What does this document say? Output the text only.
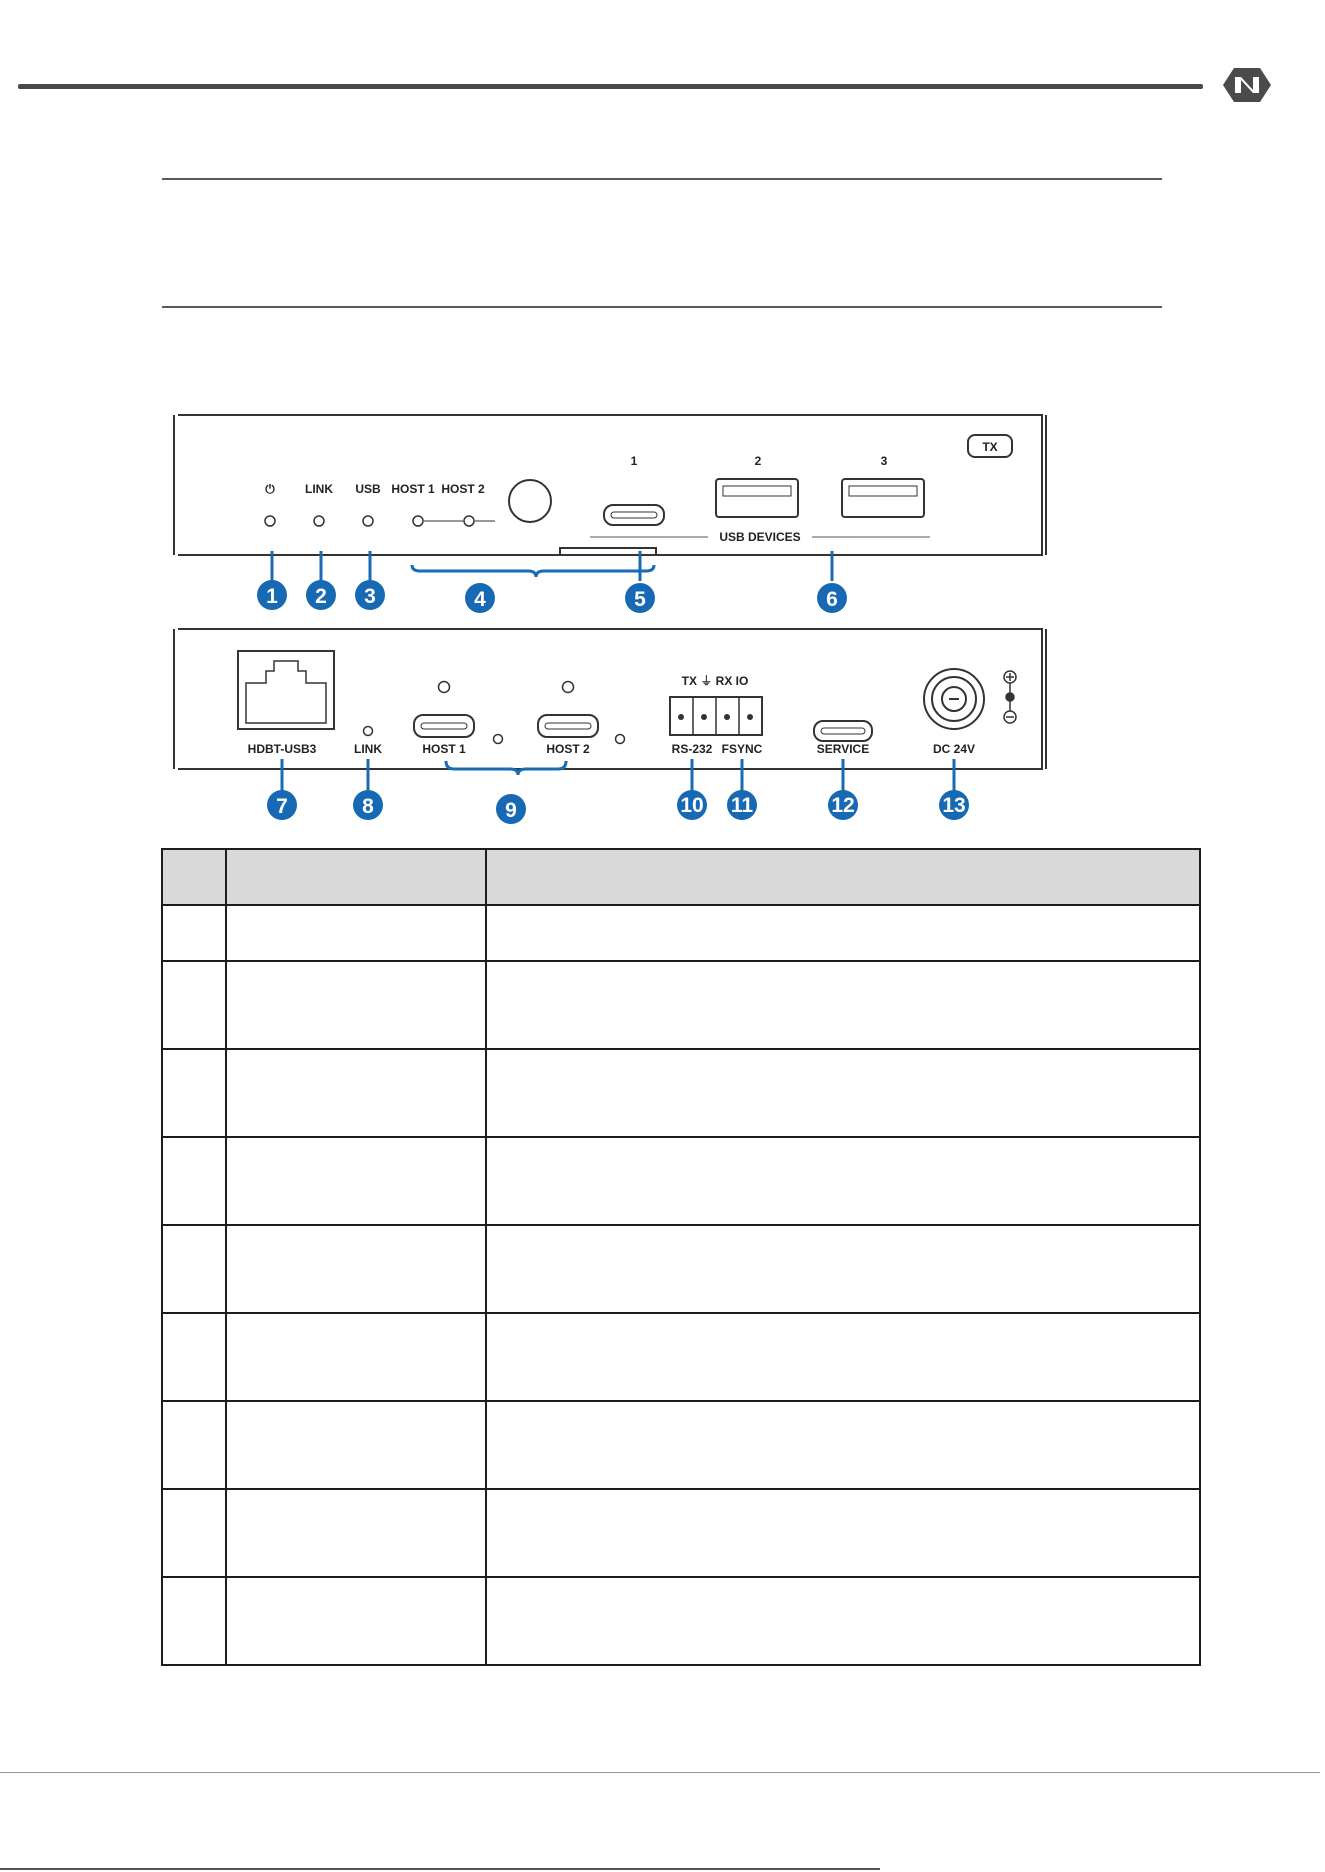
TX
⏻	LINK USB HOST 1 HOST 2
1	2	3
USB DEVICES
1 2 3	4	5	6
HDBT-USB3	LINK	HOST 1	HOST 2
TX ⏚ RX IO
RS-232 FSYNC	SERVICE	DC 24V
7	8	9	10 11	12	13
